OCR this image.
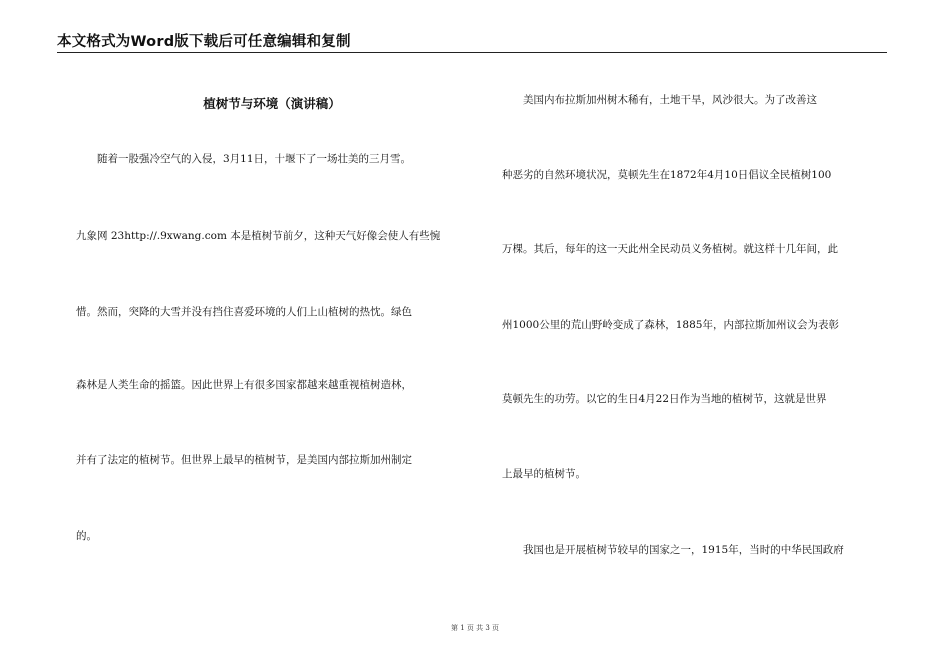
本文格式为Word版下载后可任意编辑和复制
植树节与环境（演讲稿）
　　随着一股强冷空气的入侵，3月11日，十堰下了一场壮美的三月雪。
九象网 23http://.9xwang.com 本是植树节前夕，这种天气好像会使人有些惋
惜。然而，突降的大雪并没有挡住喜爱环境的人们上山植树的热忱。绿色
森林是人类生命的摇篮。因此世界上有很多国家都越来越重视植树造林，
并有了法定的植树节。但世界上最早的植树节，是美国内部拉斯加州制定
的。
　　美国内布拉斯加州树木稀有，土地干旱，风沙很大。为了改善这
种恶劣的自然环境状况，莫顿先生在1872年4月10日倡议全民植树100
万棵。其后，每年的这一天此州全民动员义务植树。就这样十几年间，此
州1000公里的荒山野岭变成了森林，1885年，内部拉斯加州议会为表彰
莫顿先生的功劳。以它的生日4月22日作为当地的植树节，这就是世界
上最早的植树节。
　　我国也是开展植树节较早的国家之一，1915年，当时的中华民国政府
第 1 页 共 3 页
